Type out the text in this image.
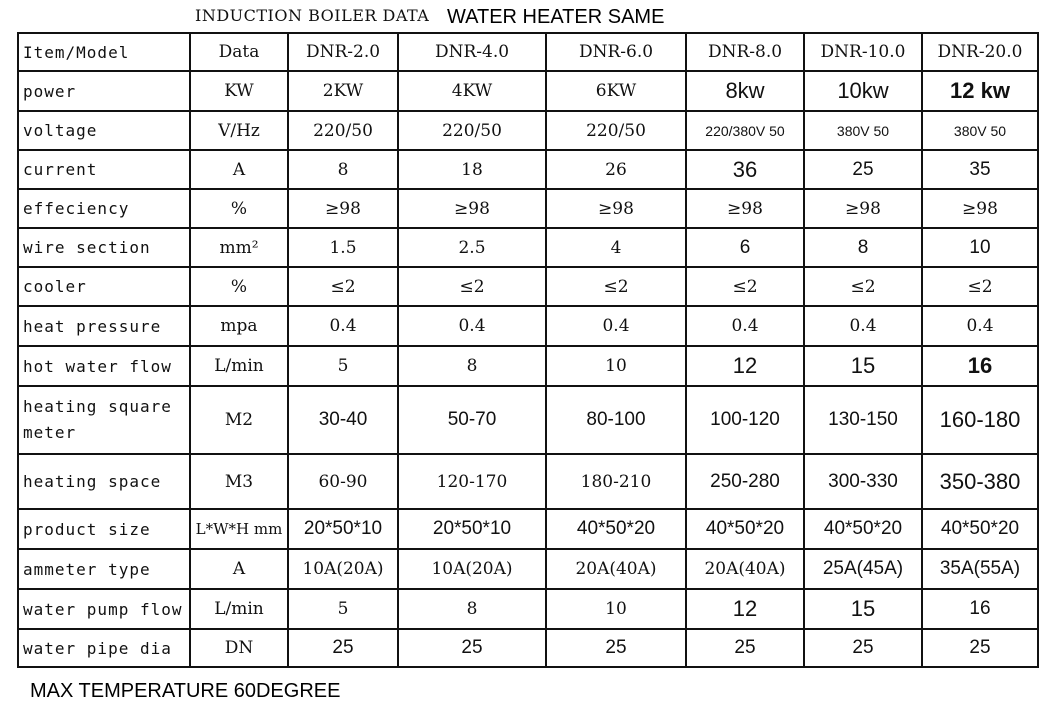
INDUCTION BOILER DATA WATER HEATER SAME
Item/Model	Data	DNR-2.0	DNR-4.0	DNR-6.0	DNR-8.0	DNR-10.0	DNR-20.0
power	KW	2KW	4KW	6KW	8kw	10kw	12 kw
voltage	V/Hz	220/50	220/50	220/50	220/380V 50	380V 50	380V 50
current	A	8	18	26	36	25	35
effeciency	%	≥98	≥98	≥98	≥98	≥98	≥98
wire section	mm²	1.5	2.5	4	6	8	10
cooler	%	≤2	≤2	≤2	≤2	≤2	≤2
heat pressure	mpa	0.4	0.4	0.4	0.4	0.4	0.4
hot water flow	L/min	5	8	10	12	15	16
heating square meter	M2	30-40	50-70	80-100	100-120	130-150	160-180
heating space	M3	60-90	120-170	180-210	250-280	300-330	350-380
product size	L*W*H mm	20*50*10	20*50*10	40*50*20	40*50*20	40*50*20	40*50*20
ammeter type	A	10A(20A)	10A(20A)	20A(40A)	20A(40A)	25A(45A)	35A(55A)
water pump flow	L/min	5	8	10	12	15	16
water pipe dia	DN	25	25	25	25	25	25
MAX TEMPERATURE 60DEGREE
